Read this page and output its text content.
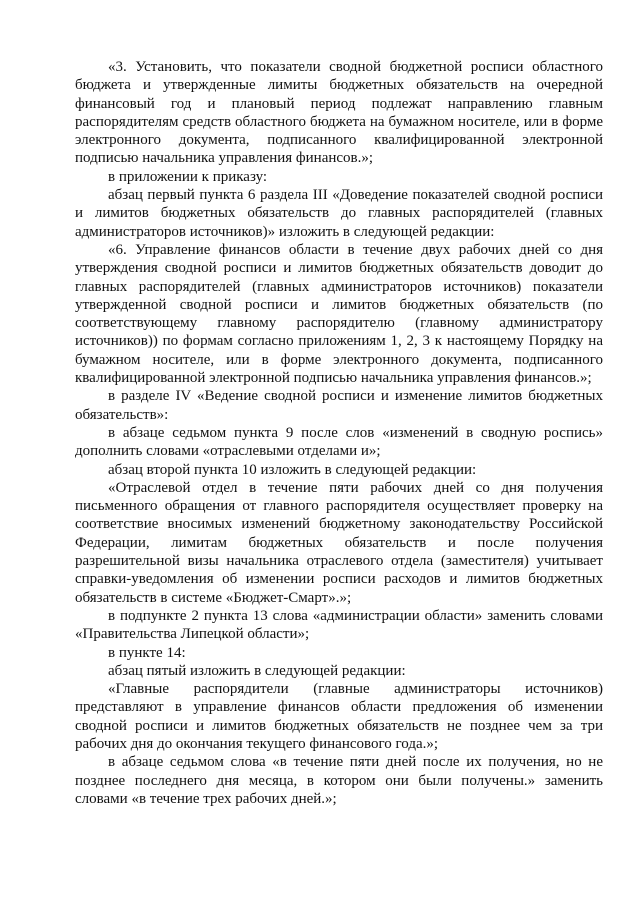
«3. Установить, что показатели сводной бюджетной росписи областного бюджета и утвержденные лимиты бюджетных обязательств на очередной финансовый год и плановый период подлежат направлению главным распорядителям средств областного бюджета на бумажном носителе, или в форме электронного документа, подписанного квалифицированной электронной подписью начальника управления финансов.»;

в приложении к приказу:

абзац первый пункта 6 раздела III «Доведение показателей сводной росписи и лимитов бюджетных обязательств до главных распорядителей (главных администраторов источников)» изложить в следующей редакции:

«6. Управление финансов области в течение двух рабочих дней со дня утверждения сводной росписи и лимитов бюджетных обязательств доводит до главных распорядителей (главных администраторов источников) показатели утвержденной сводной росписи и лимитов бюджетных обязательств (по соответствующему главному распорядителю (главному администратору источников)) по формам согласно приложениям 1, 2, 3 к настоящему Порядку на бумажном носителе, или в форме электронного документа, подписанного квалифицированной электронной подписью начальника управления финансов.»;

в разделе IV «Ведение сводной росписи и изменение лимитов бюджетных обязательств»:

в абзаце седьмом пункта 9 после слов «изменений в сводную роспись» дополнить словами «отраслевыми отделами и»;

абзац второй пункта 10 изложить в следующей редакции:

«Отраслевой отдел в течение пяти рабочих дней со дня получения письменного обращения от главного распорядителя осуществляет проверку на соответствие вносимых изменений бюджетному законодательству Российской Федерации, лимитам бюджетных обязательств и после получения разрешительной визы начальника отраслевого отдела (заместителя) учитывает справки-уведомления об изменении росписи расходов и лимитов бюджетных обязательств в системе «Бюджет-Смарт».»;

в подпункте 2 пункта 13 слова «администрации области» заменить словами «Правительства Липецкой области»;

в пункте 14:

абзац пятый изложить в следующей редакции:

«Главные распорядители (главные администраторы источников) представляют в управление финансов области предложения об изменении сводной росписи и лимитов бюджетных обязательств не позднее чем за три рабочих дня до окончания текущего финансового года.»;

в абзаце седьмом слова «в течение пяти дней после их получения, но не позднее последнего дня месяца, в котором они были получены.» заменить словами «в течение трех рабочих дней.»;
